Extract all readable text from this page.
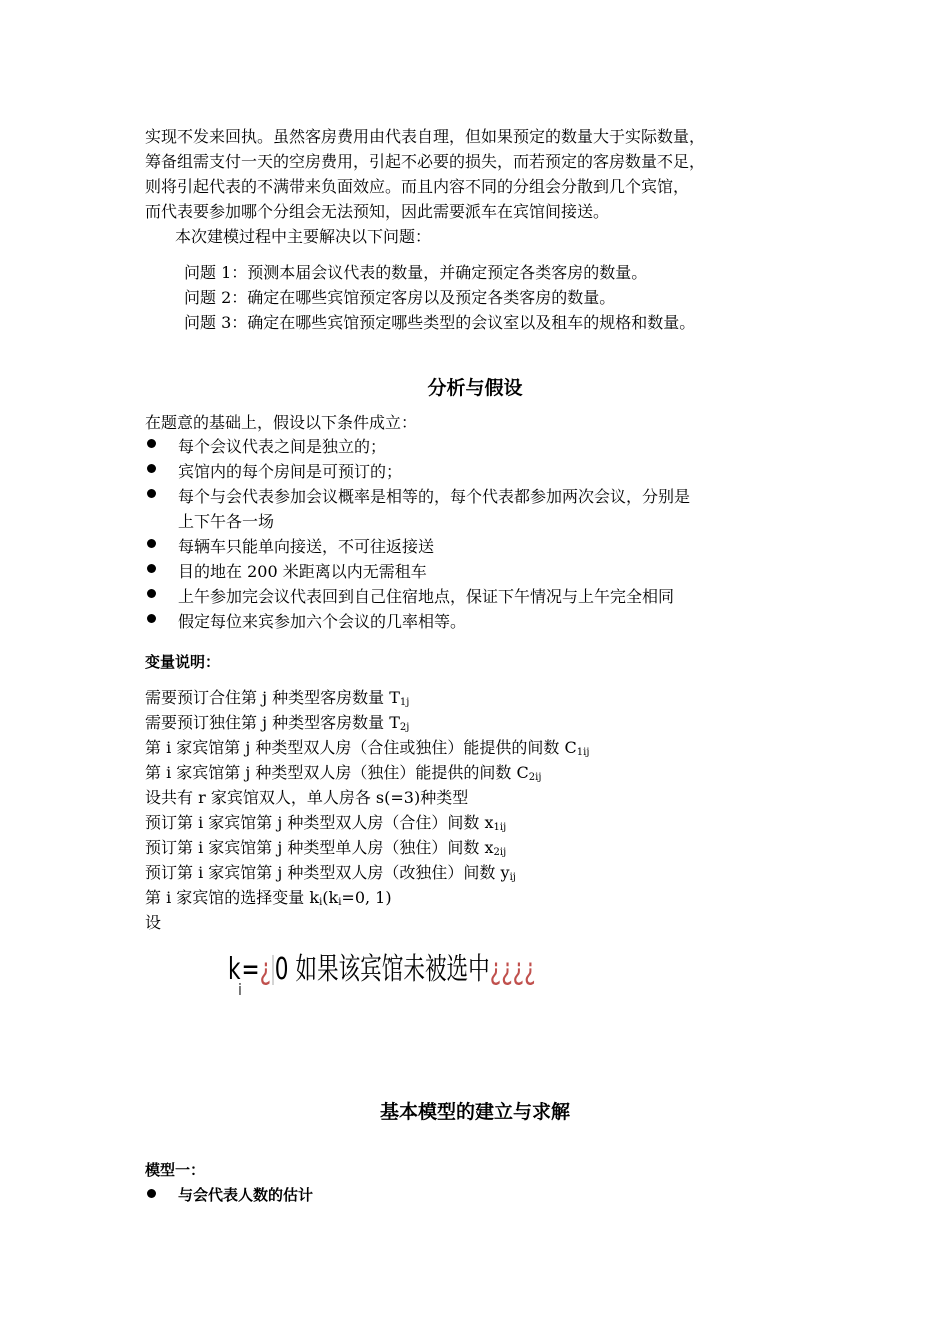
实现不发来回执。虽然客房费用由代表自理，但如果预定的数量大于实际数量，
筹备组需支付一天的空房费用，引起不必要的损失，而若预定的客房数量不足，
则将引起代表的不满带来负面效应。而且内容不同的分组会分散到几个宾馆，
而代表要参加哪个分组会无法预知，因此需要派车在宾馆间接送。
本次建模过程中主要解决以下问题：
问题 1：预测本届会议代表的数量，并确定预定各类客房的数量。
问题 2：确定在哪些宾馆预定客房以及预定各类客房的数量。
问题 3：确定在哪些宾馆预定哪些类型的会议室以及租车的规格和数量。
分析与假设
在题意的基础上，假设以下条件成立：
每个会议代表之间是独立的；
宾馆内的每个房间是可预订的；
每个与会代表参加会议概率是相等的，每个代表都参加两次会议，分别是
上下午各一场
每辆车只能单向接送，不可往返接送
目的地在 200 米距离以内无需租车
上午参加完会议代表回到自己住宿地点，保证下午情况与上午完全相同
假定每位来宾参加六个会议的几率相等。
变量说明：
需要预订合住第 j 种类型客房数量 $T_{1j}$
需要预订独住第 j 种类型客房数量 $T_{2j}$
第 i 家宾馆第 j 种类型双人房（合住或独住）能提供的间数 $C_{1ij}$
第 i 家宾馆第 j 种类型双人房（独住）能提供的间数 $C_{2ij}$
设共有 r 家宾馆双人，单人房各 s(=3)种类型
预订第 i 家宾馆第 j 种类型双人房（合住）间数 $x_{1ij}$
预订第 i 家宾馆第 j 种类型单人房（独住）间数 $x_{2ij}$
预订第 i 家宾馆第 j 种类型双人房（改独住）间数 $y_{ij}$
第 i 家宾馆的选择变量 $k_i(k_i=0$, 1)
设
$k_i=¿$ 0 如果该宾馆未被选中¿¿¿¿
基本模型的建立与求解
模型一：
与会代表人数的估计
